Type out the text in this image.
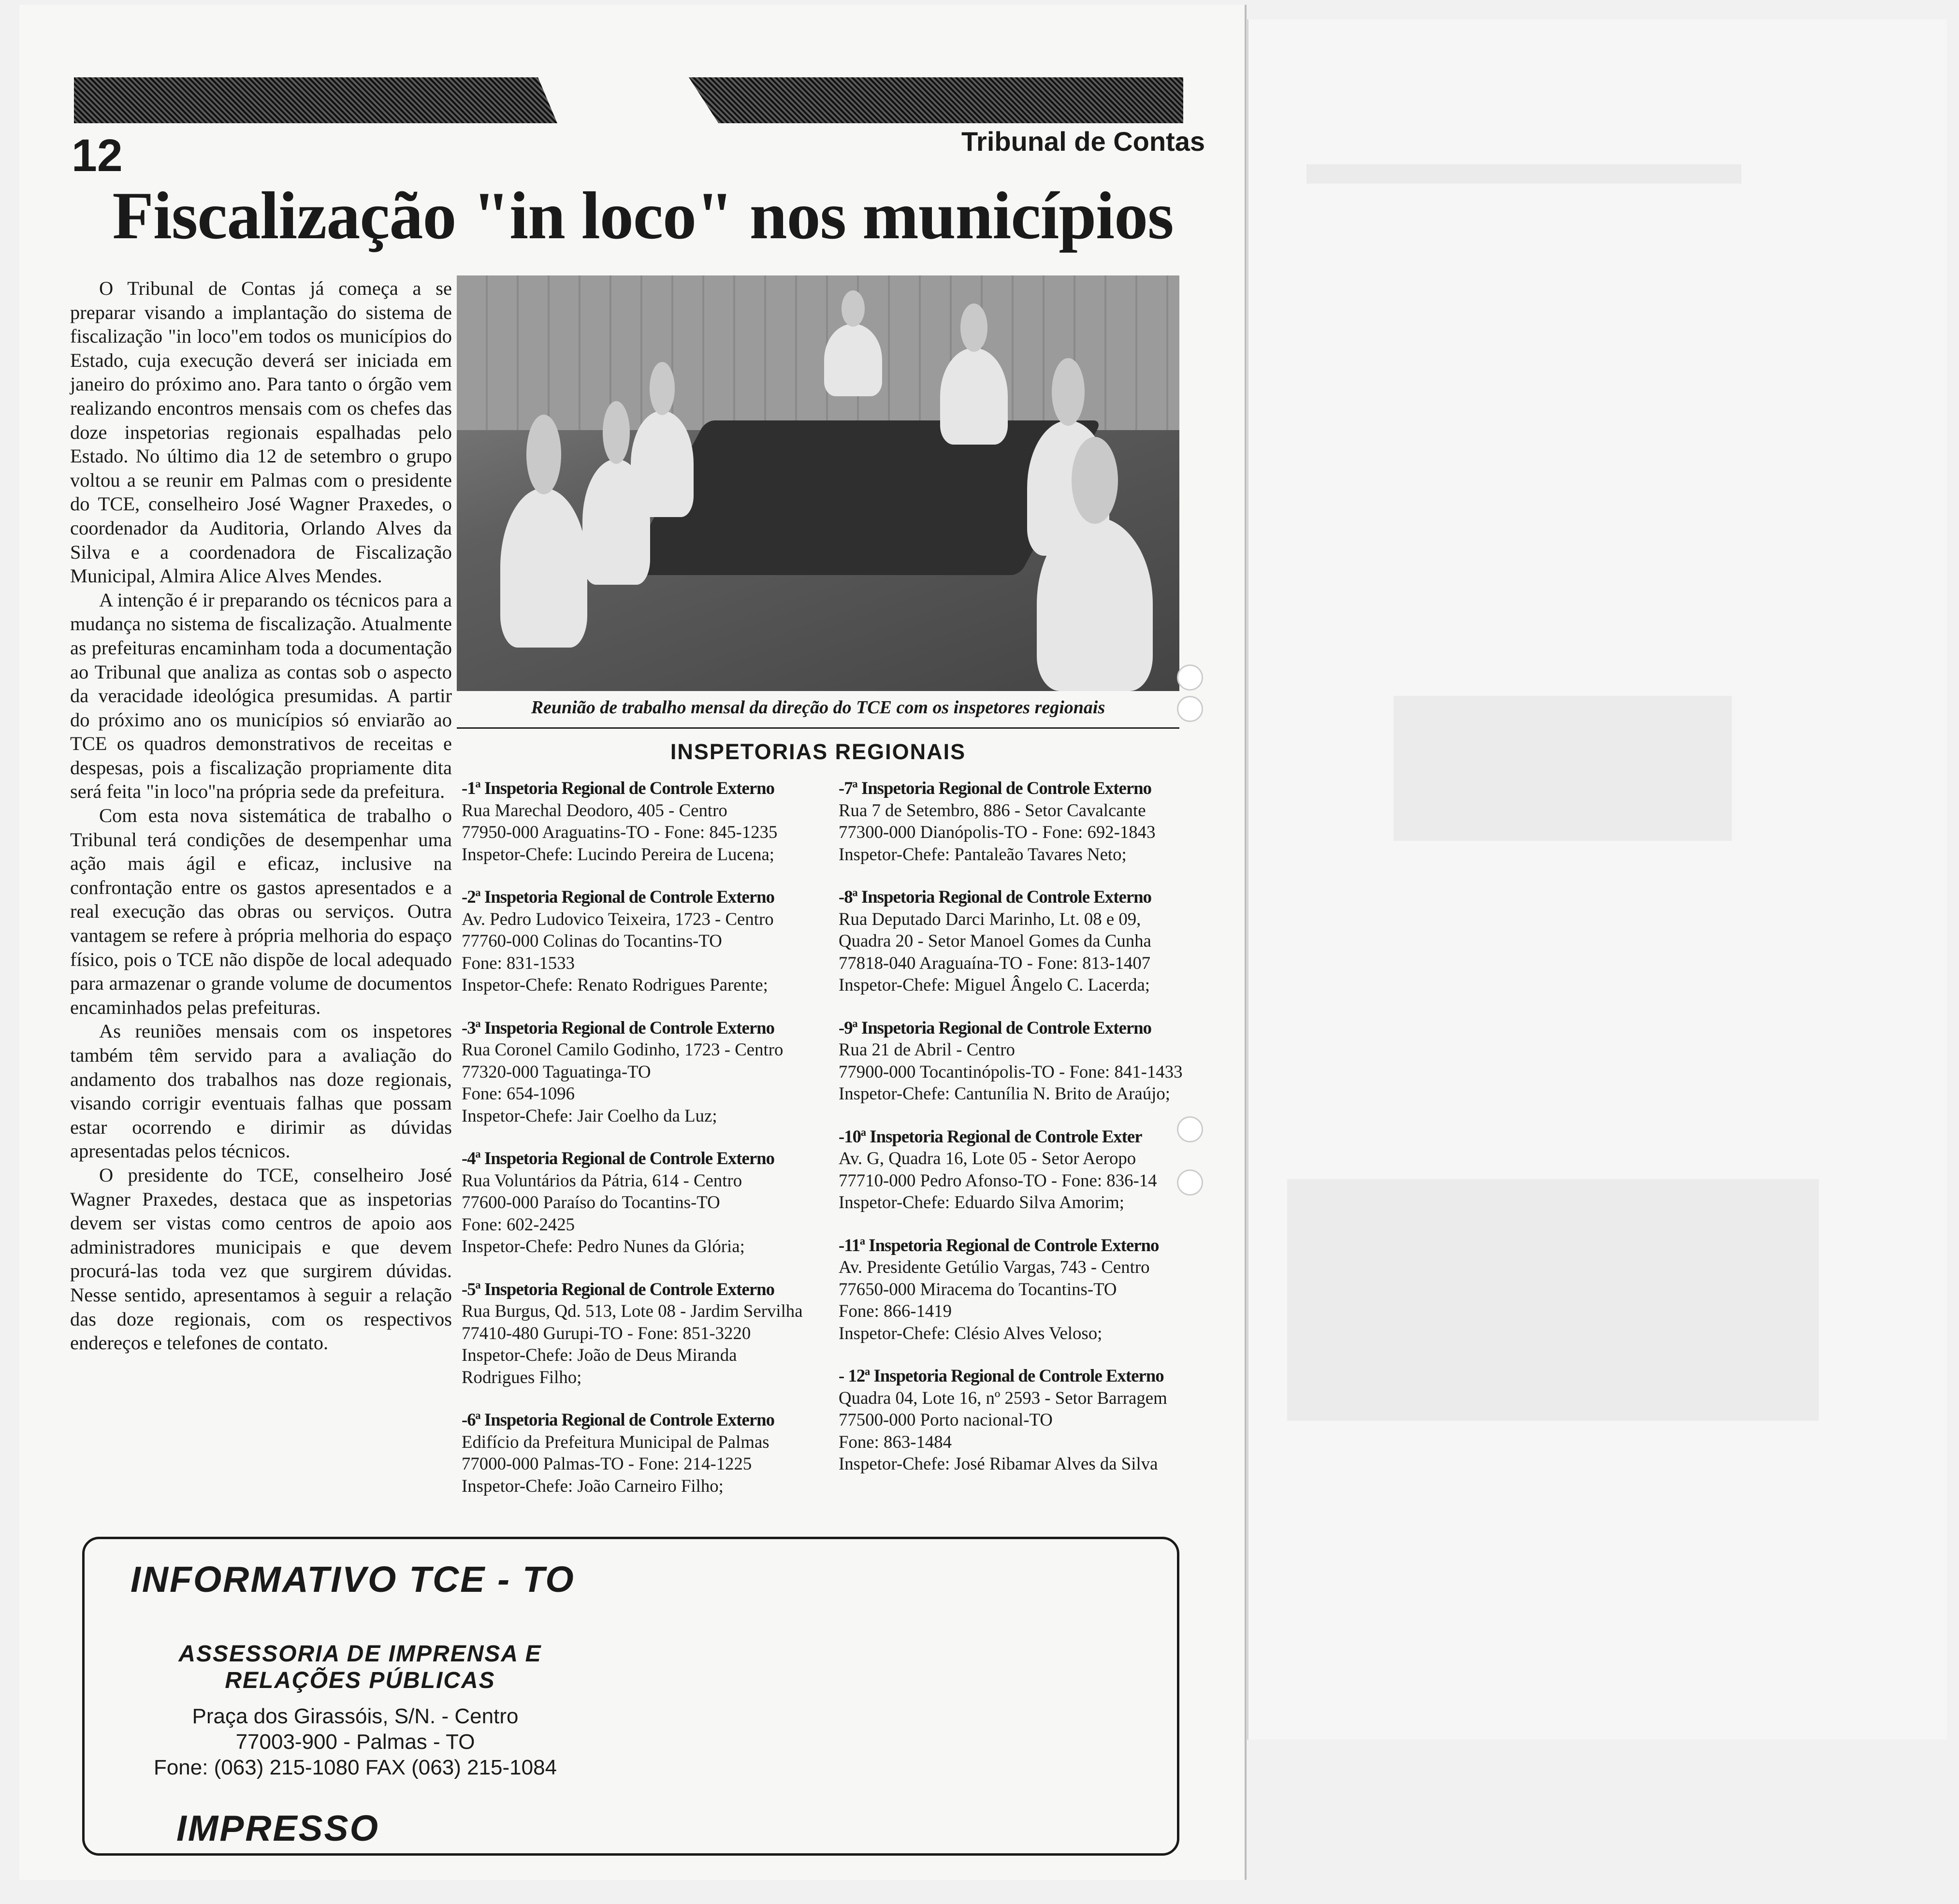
12	Tribunal de Contas
Fiscalização "in loco" nos municípios

O Tribunal de Contas já começa a se preparar visando a implantação do sistema de fiscalização "in loco"em todos os municípios do Estado, cuja execução deverá ser iniciada em janeiro do próximo ano. Para tanto o órgão vem realizando encontros mensais com os chefes das doze inspetorias regionais espalhadas pelo Estado. No último dia 12 de setembro o grupo voltou a se reunir em Palmas com o presidente do TCE, conselheiro José Wagner Praxedes, o coordenador da Auditoria, Orlando Alves da Silva e a coordenadora de Fiscalização Municipal, Almira Alice Alves Mendes.

A intenção é ir preparando os técnicos para a mudança no sistema de fiscalização. Atualmente as prefeituras encaminham toda a documentação ao Tribunal que analiza as contas sob o aspecto da veracidade ideológica presumidas. A partir do próximo ano os municípios só enviarão ao TCE os quadros demonstrativos de receitas e despesas, pois a fiscalização propriamente dita será feita "in loco"na própria sede da prefeitura.

Com esta nova sistemática de trabalho o Tribunal terá condições de desempenhar uma ação mais ágil e eficaz, inclusive na confrontação entre os gastos apresentados e a real execução das obras ou serviços. Outra vantagem se refere à própria melhoria do espaço físico, pois o TCE não dispõe de local adequado para armazenar o grande volume de documentos encaminhados pelas prefeituras.

As reuniões mensais com os inspetores também têm servido para a avaliação do andamento dos trabalhos nas doze regionais, visando corrigir eventuais falhas que possam estar ocorrendo e dirimir as dúvidas apresentadas pelos técnicos.

O presidente do TCE, conselheiro José Wagner Praxedes, destaca que as inspetorias devem ser vistas como centros de apoio aos administradores municipais e que devem procurá-las toda vez que surgirem dúvidas. Nesse sentido, apresentamos à seguir a relação das doze regionais, com os respectivos endereços e telefones de contato.

Reunião de trabalho mensal da direção do TCE com os inspetores regionais
INSPETORIAS REGIONAIS
-1ª Inspetoria Regional de Controle Externo
Rua Marechal Deodoro, 405 - Centro
77950-000 Araguatins-TO - Fone: 845-1235
Inspetor-Chefe: Lucindo Pereira de Lucena;
-2ª Inspetoria Regional de Controle Externo
Av. Pedro Ludovico Teixeira, 1723 - Centro
77760-000 Colinas do Tocantins-TO
Fone: 831-1533
Inspetor-Chefe: Renato Rodrigues Parente;
-3ª Inspetoria Regional de Controle Externo
Rua Coronel Camilo Godinho, 1723 - Centro
77320-000 Taguatinga-TO
Fone: 654-1096
Inspetor-Chefe: Jair Coelho da Luz;
-4ª Inspetoria Regional de Controle Externo
Rua Voluntários da Pátria, 614 - Centro
77600-000 Paraíso do Tocantins-TO
Fone: 602-2425
Inspetor-Chefe: Pedro Nunes da Glória;
-5ª Inspetoria Regional de Controle Externo
Rua Burgus, Qd. 513, Lote 08 - Jardim Servilha
77410-480 Gurupi-TO - Fone: 851-3220
Inspetor-Chefe: João de Deus Miranda
Rodrigues Filho;
-6ª Inspetoria Regional de Controle Externo
Edifício da Prefeitura Municipal de Palmas
77000-000 Palmas-TO - Fone: 214-1225
Inspetor-Chefe: João Carneiro Filho;
-7ª Inspetoria Regional de Controle Externo
Rua 7 de Setembro, 886 - Setor Cavalcante
77300-000 Dianópolis-TO - Fone: 692-1843
Inspetor-Chefe: Pantaleão Tavares Neto;
-8ª Inspetoria Regional de Controle Externo
Rua Deputado Darci Marinho, Lt. 08 e 09,
Quadra 20 - Setor Manoel Gomes da Cunha
77818-040 Araguaína-TO - Fone: 813-1407
Inspetor-Chefe: Miguel Ângelo C. Lacerda;
-9ª Inspetoria Regional de Controle Externo
Rua 21 de Abril - Centro
77900-000 Tocantinópolis-TO - Fone: 841-1433
Inspetor-Chefe: Cantunília N. Brito de Araújo;
-10ª Inspetoria Regional de Controle Exter
Av. G, Quadra 16, Lote 05 - Setor Aeropo
77710-000 Pedro Afonso-TO - Fone: 836-14
Inspetor-Chefe: Eduardo Silva Amorim;
-11ª Inspetoria Regional de Controle Externo
Av. Presidente Getúlio Vargas, 743 - Centro
77650-000 Miracema do Tocantins-TO
Fone: 866-1419
Inspetor-Chefe: Clésio Alves Veloso;
- 12ª Inspetoria Regional de Controle Externo
Quadra 04, Lote 16, nº 2593 - Setor Barragem
77500-000 Porto nacional-TO
Fone: 863-1484
Inspetor-Chefe: José Ribamar Alves da Silva
INFORMATIVO TCE - TO
ASSESSORIA DE IMPRENSA E
RELAÇÕES PÚBLICAS
Praça dos Girassóis, S/N. - Centro
77003-900 - Palmas - TO
Fone: (063) 215-1080 FAX (063) 215-1084
IMPRESSO
